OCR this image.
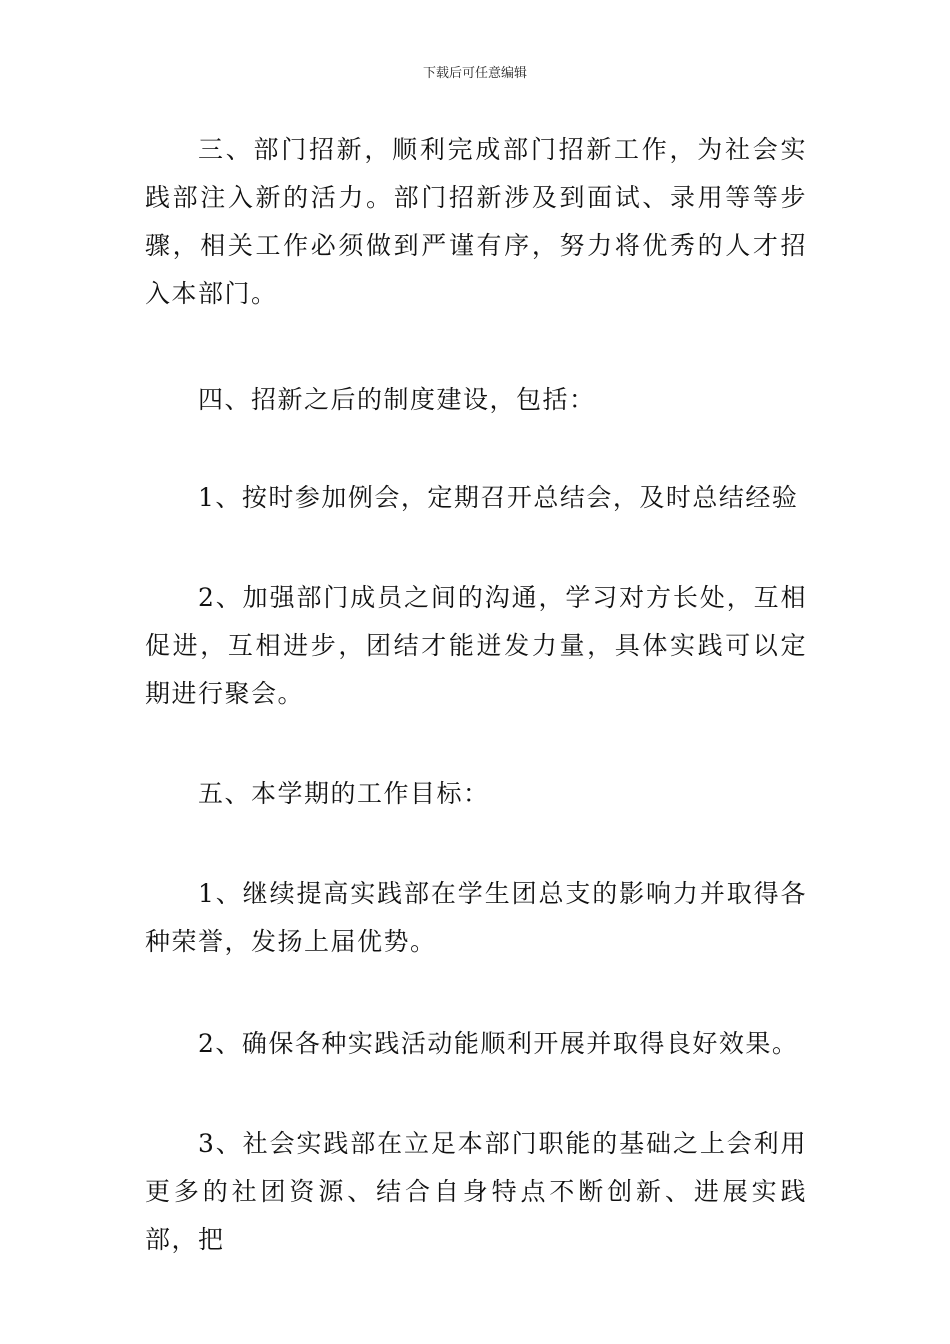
下载后可任意编辑

三、部门招新，顺利完成部门招新工作，为社会实践部注入新的活力。部门招新涉及到面试、录用等等步骤，相关工作必须做到严谨有序，努力将优秀的人才招入本部门。

四、招新之后的制度建设，包括：

1、按时参加例会，定期召开总结会，及时总结经验

2、加强部门成员之间的沟通，学习对方长处，互相促进，互相进步，团结才能迸发力量，具体实践可以定期进行聚会。

五、本学期的工作目标：

1、继续提高实践部在学生团总支的影响力并取得各种荣誉，发扬上届优势。

2、确保各种实践活动能顺利开展并取得良好效果。

3、社会实践部在立足本部门职能的基础之上会利用更多的社团资源、结合自身特点不断创新、进展实践部，把
